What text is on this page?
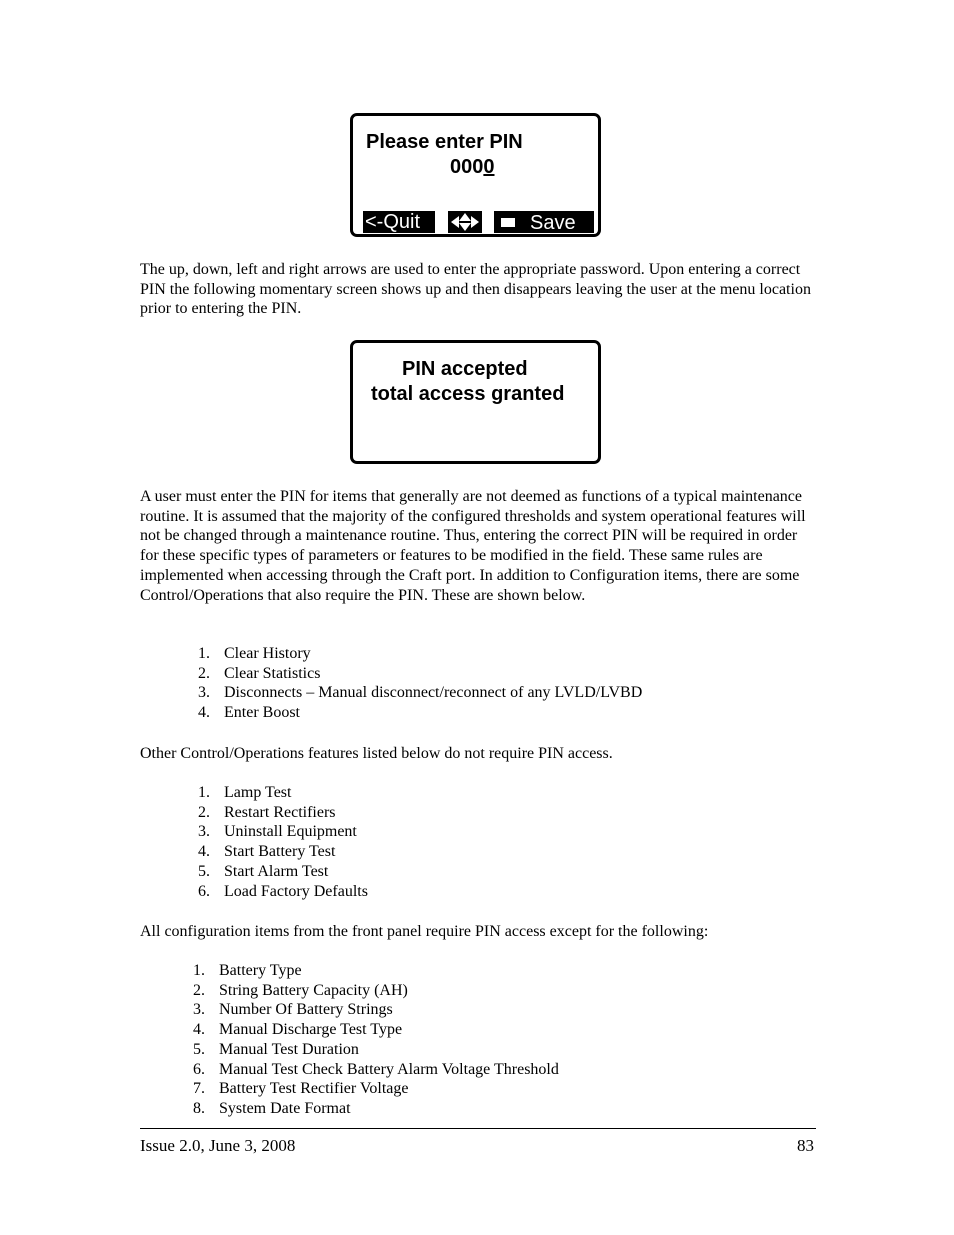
Please enter PIN
0000
<-Quit	Save

The up, down, left and right arrows are used to enter the appropriate password. Upon entering a correct PIN the following momentary screen shows up and then disappears leaving the user at the menu location prior to entering the PIN.

PIN accepted
total access granted

A user must enter the PIN for items that generally are not deemed as functions of a typical maintenance routine. It is assumed that the majority of the configured thresholds and system operational features will not be changed through a maintenance routine. Thus, entering the correct PIN will be required in order for these specific types of parameters or features to be modified in the field. These same rules are implemented when accessing through the Craft port. In addition to Configuration items, there are some Control/Operations that also require the PIN. These are shown below.

1. Clear History
2. Clear Statistics
3. Disconnects – Manual disconnect/reconnect of any LVLD/LVBD
4. Enter Boost

Other Control/Operations features listed below do not require PIN access.

1. Lamp Test
2. Restart Rectifiers
3. Uninstall Equipment
4. Start Battery Test
5. Start Alarm Test
6. Load Factory Defaults

All configuration items from the front panel require PIN access except for the following:

1. Battery Type
2. String Battery Capacity (AH)
3. Number Of Battery Strings
4. Manual Discharge Test Type
5. Manual Test Duration
6. Manual Test Check Battery Alarm Voltage Threshold
7. Battery Test Rectifier Voltage
8. System Date Format
Issue 2.0, June 3, 2008	83
